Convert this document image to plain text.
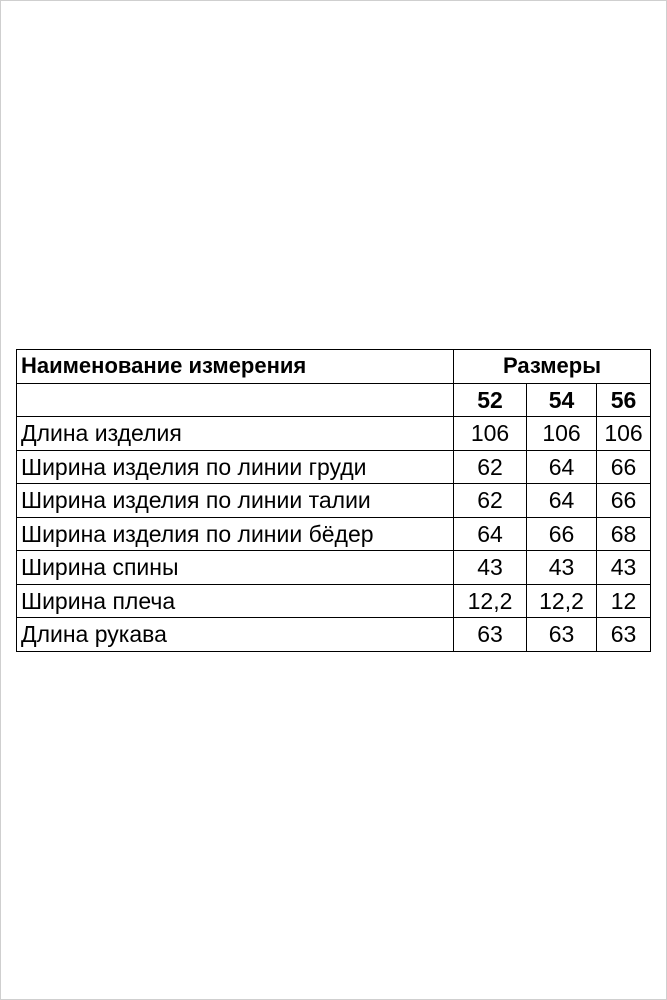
Наименование измерения	Размеры		
	52	54	56
Длина изделия	106	106	106
Ширина изделия по линии груди	62	64	66
Ширина изделия по линии талии	62	64	66
Ширина изделия по линии бёдер	64	66	68
Ширина спины	43	43	43
Ширина плеча	12,2	12,2	12
Длина рукава	63	63	63
